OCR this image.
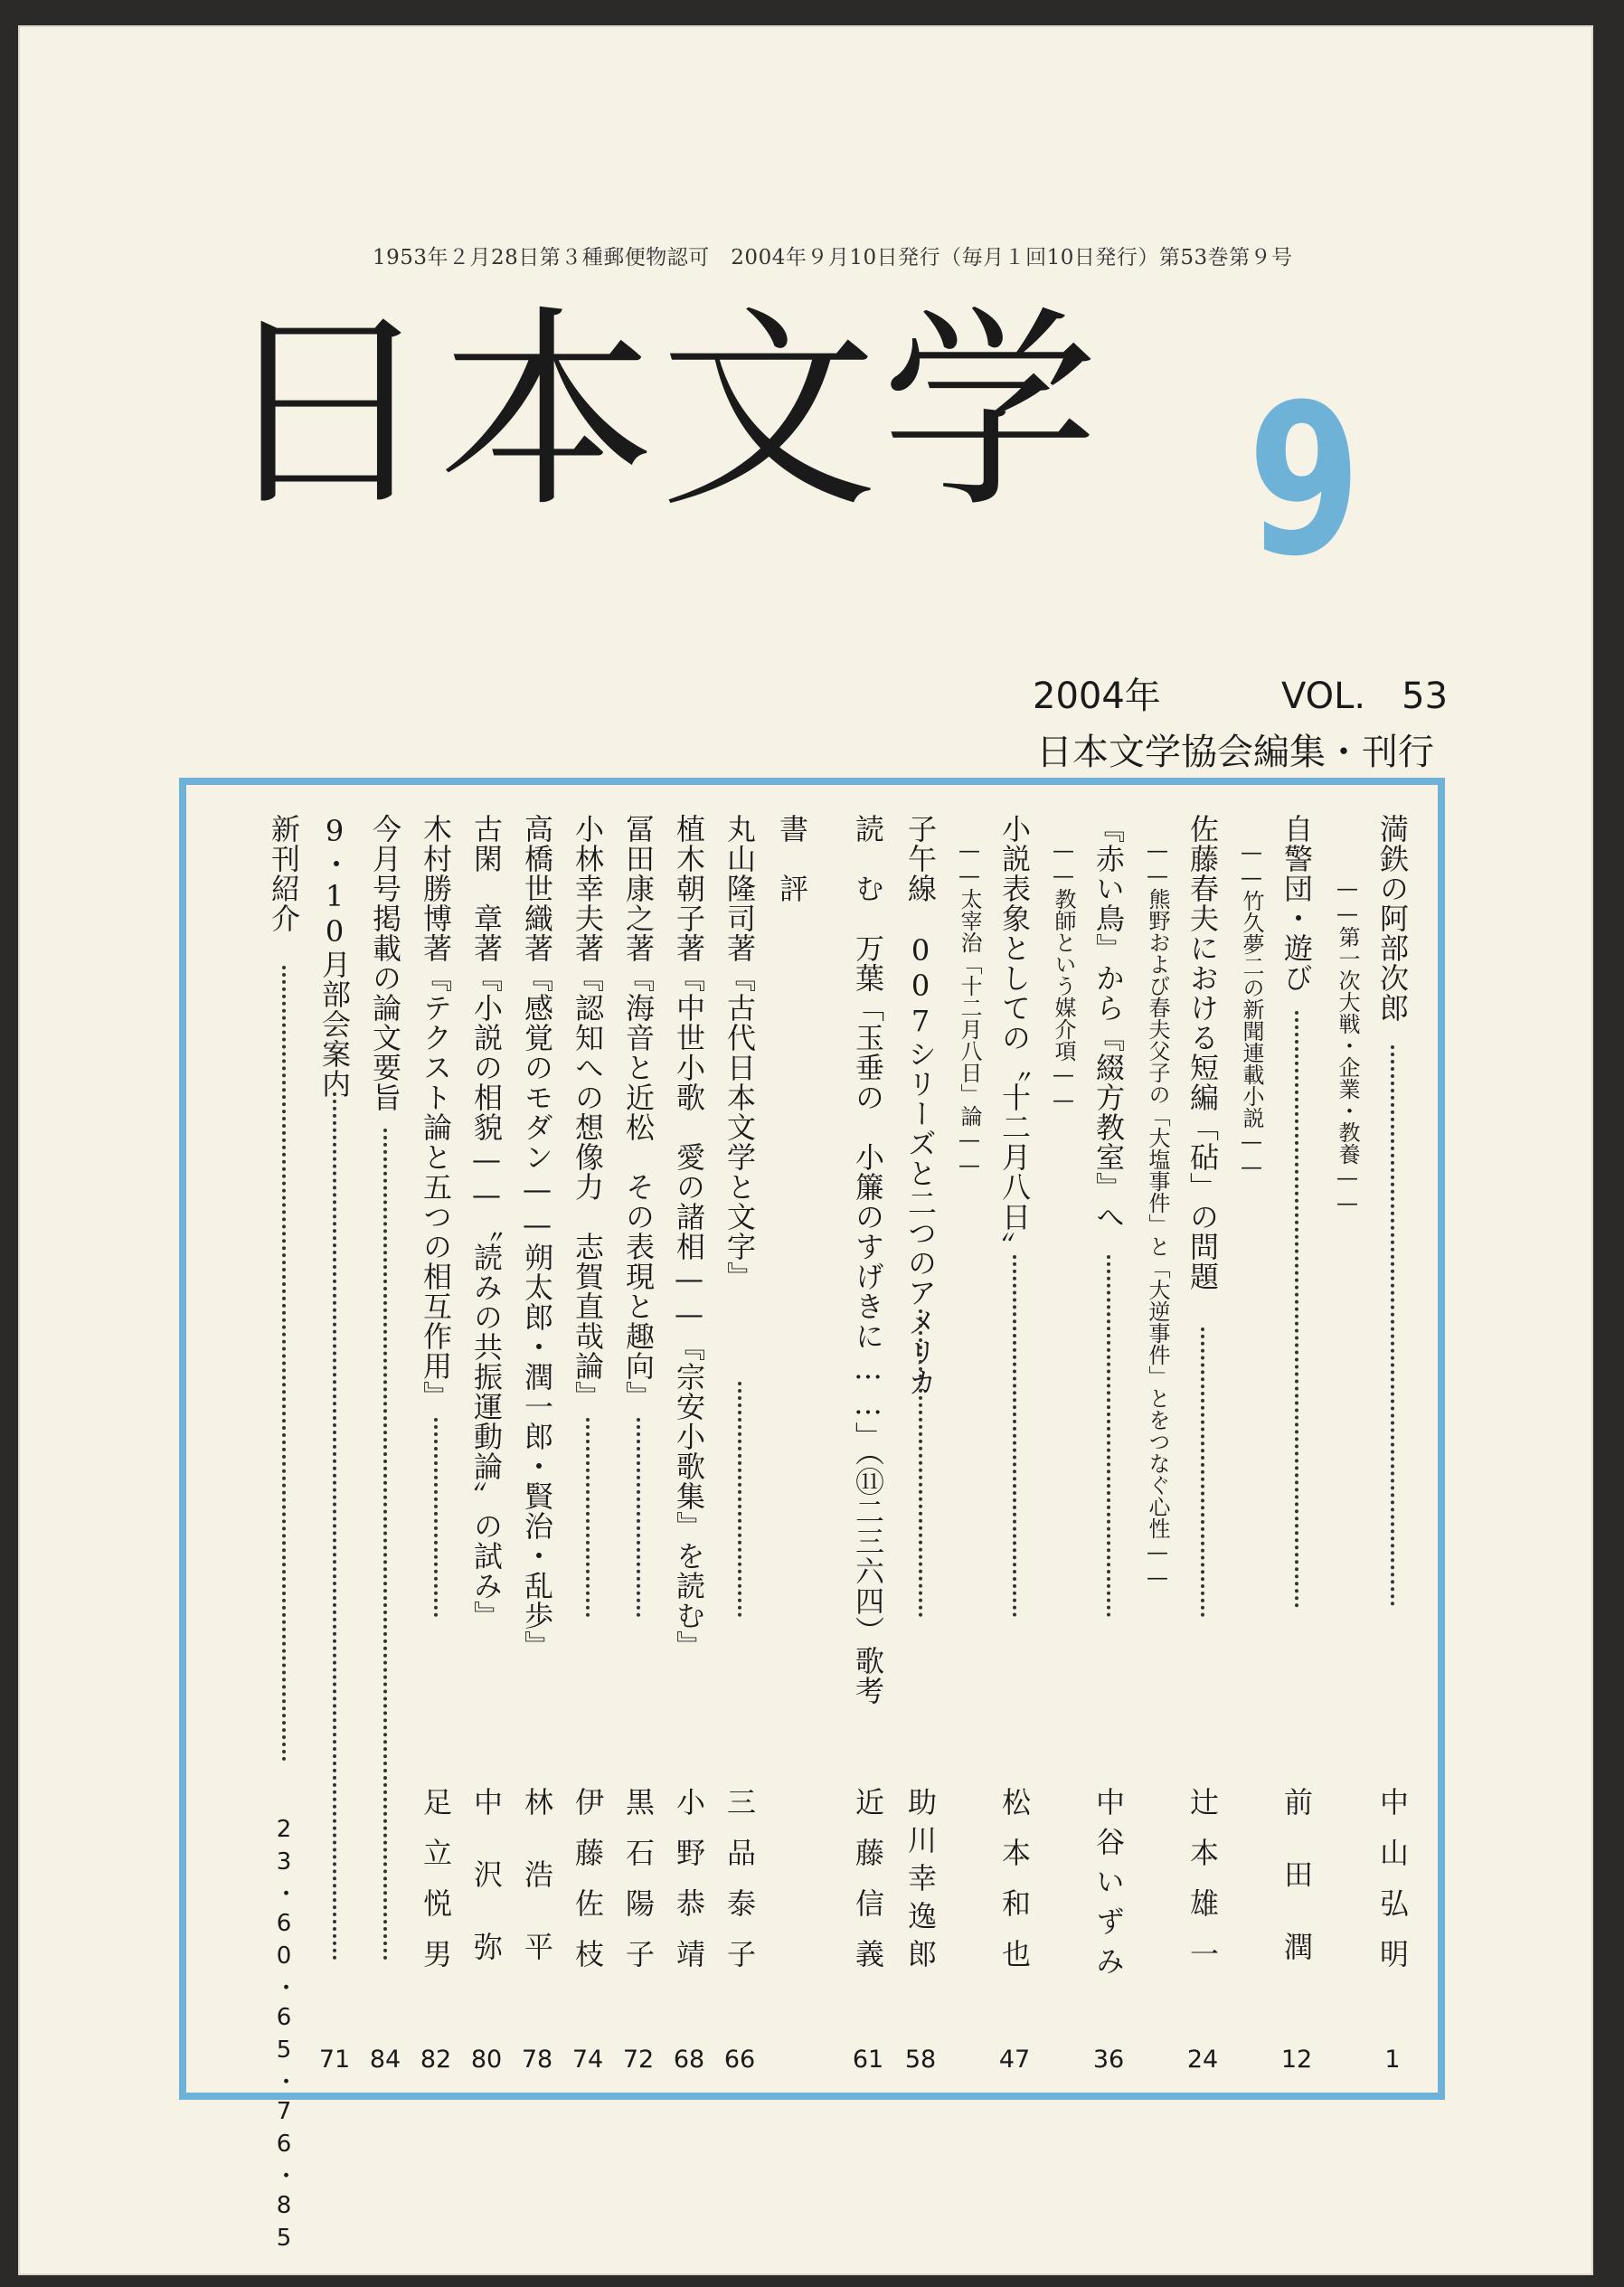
1953年２月28日第３種郵便物認可　2004年９月10日発行（毎月１回10日発行）第53巻第９号
日本文学 9
2004年	VOL.　53
日本文学協会編集・刊行
満鉄の阿部次郎
中山弘明
1
——第一次大戦・企業・教養——
自警団・遊び
前田潤
12
——竹久夢二の新聞連載小説——
佐藤春夫における短編「砧」の問題
辻本雄一
24
——熊野および春夫父子の「大塩事件」と「大逆事件」とをつなぐ心性——
『赤い鳥』から『綴方教室』へ
中谷いずみ
36
——教師という媒介項——
小説表象としての〝十二月八日〟
松本和也
47
——太宰治「十二月八日」論——
子午線　007シリーズと二つのアメリカ
助川幸逸郎
58
読　む　万葉「玉垂の　小簾のすげきに……」（⑪二三六四）歌考
近藤信義
61
書　評
丸山隆司著『古代日本文学と文字』
三品泰子
66
植木朝子著『中世小歌　愛の諸相——『宗安小歌集』を読む』
小野恭靖
68
冨田康之著『海音と近松　その表現と趣向』
黒石陽子
72
小林幸夫著『認知への想像力　志賀直哉論』
伊藤佐枝
74
高橋世織著『感覚のモダン——朔太郎・潤一郎・賢治・乱歩』
林浩平
78
古閑　章著『小説の相貌——〝読みの共振運動論〟の試み』
中沢弥
80
木村勝博著『テクスト論と五つの相互作用』
足立悦男
82
今月号掲載の論文要旨
84
9・10月部会案内
71
新刊紹介
23・60・65・76・85
